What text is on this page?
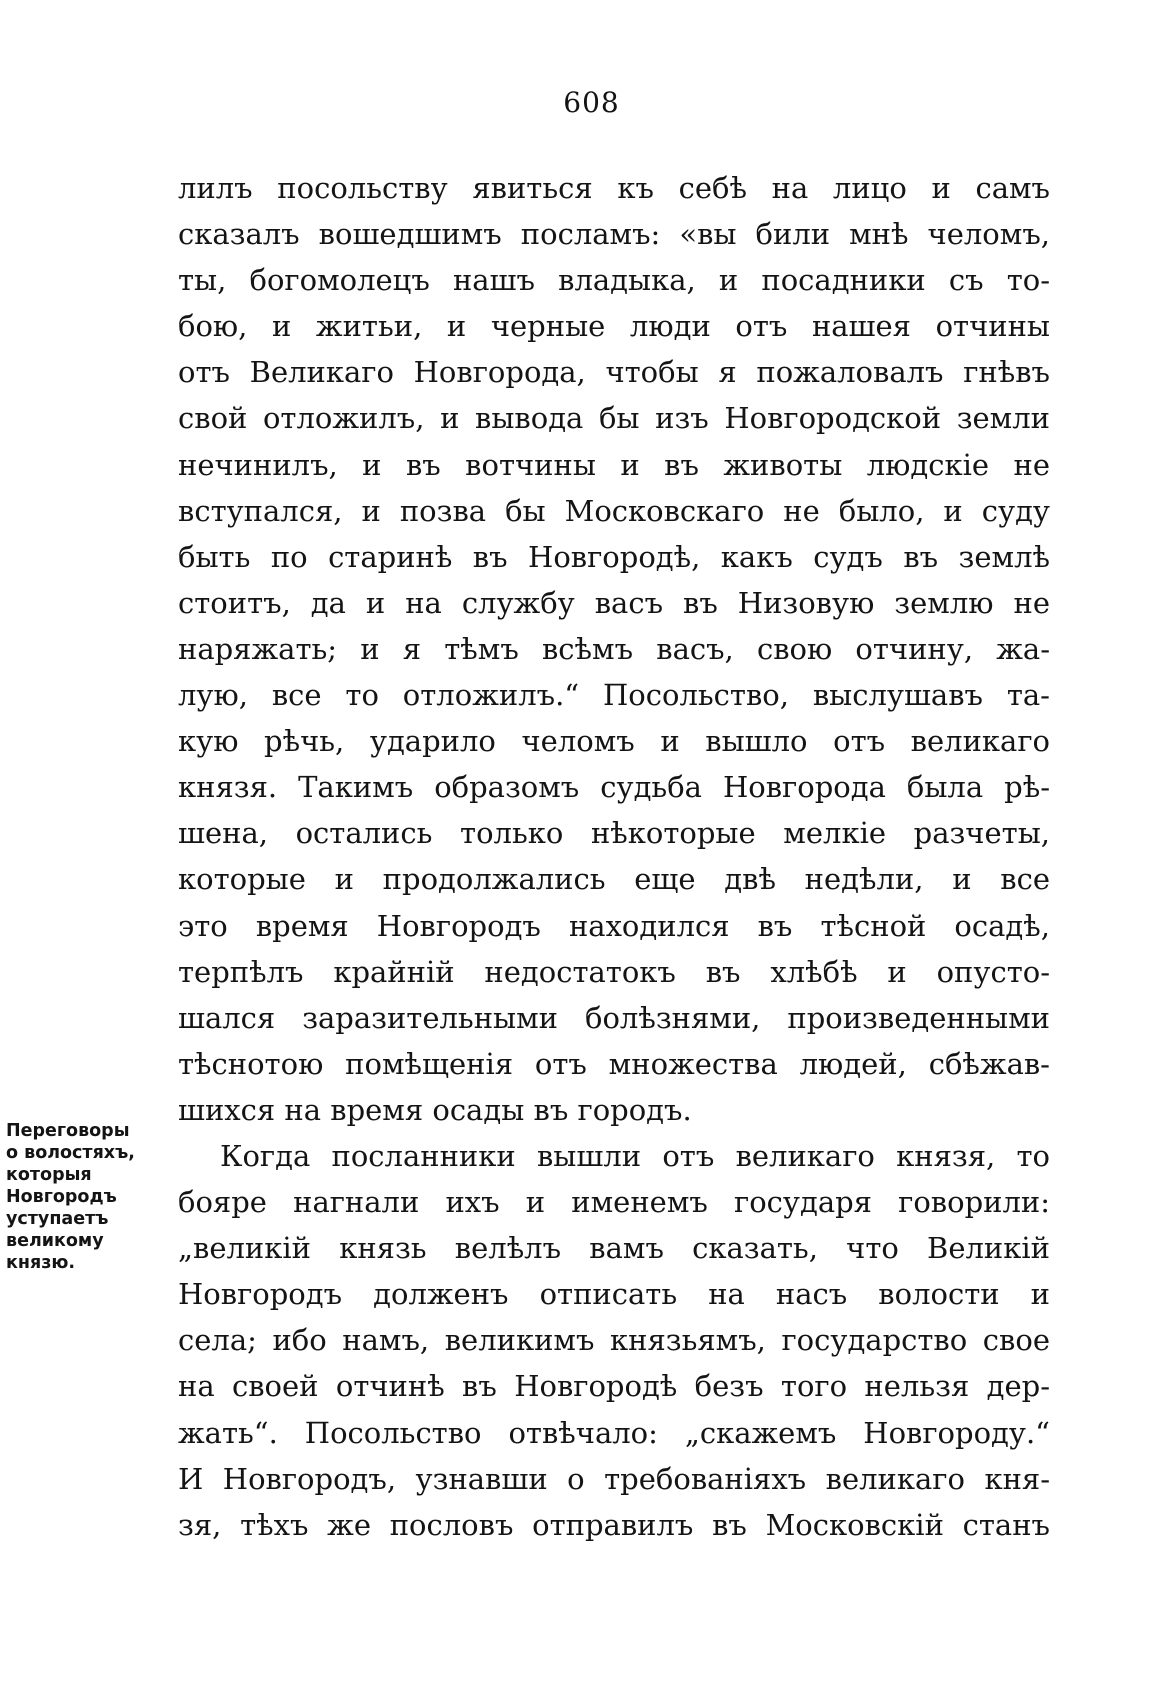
608
лилъ посольству явиться къ себѣ на лицо и самъ
сказалъ вошедшимъ посламъ: «вы били мнѣ челомъ,
ты, богомолецъ нашъ владыка, и посадники съ то-
бою, и житьи, и черные люди отъ нашея отчины
отъ Великаго Новгорода, чтобы я пожаловалъ гнѣвъ
свой отложилъ, и вывода бы изъ Новгородской земли
нечинилъ, и въ вотчины и въ животы людскіе не
вступался, и позва бы Московскаго не было, и суду
быть по старинѣ въ Новгородѣ, какъ судъ въ землѣ
стоитъ, да и на службу васъ въ Низовую землю не
наряжать; и я тѣмъ всѣмъ васъ, свою отчину, жа-
лую, все то отложилъ.“ Посольство, выслушавъ та-
кую рѣчь, ударило челомъ и вышло отъ великаго
князя. Такимъ образомъ судьба Новгорода была рѣ-
шена, остались только нѣкоторые мелкіе разчеты,
которые и продолжались еще двѣ недѣли, и все
это время Новгородъ находился въ тѣсной осадѣ,
терпѣлъ крайній недостатокъ въ хлѣбѣ и опусто-
шался заразительными болѣзнями, произведенными
тѣснотою помѣщенія отъ множества людей, сбѣжав-
шихся на время осады въ городъ.
Когда посланники вышли отъ великаго князя, то
бояре нагнали ихъ и именемъ государя говорили:
„великій князь велѣлъ вамъ сказать, что Великій
Новгородъ долженъ отписать на насъ волости и
села; ибо намъ, великимъ князьямъ, государство свое
на своей отчинѣ въ Новгородѣ безъ того нельзя дер-
жать“. Посольство отвѣчало: „скажемъ Новгороду.“
И Новгородъ, узнавши о требованіяхъ великаго кня-
зя, тѣхъ же пословъ отправилъ въ Московскій станъ
Переговоры
о волостяхъ,
которыя
Новгородъ
уступаетъ
великому
князю.
